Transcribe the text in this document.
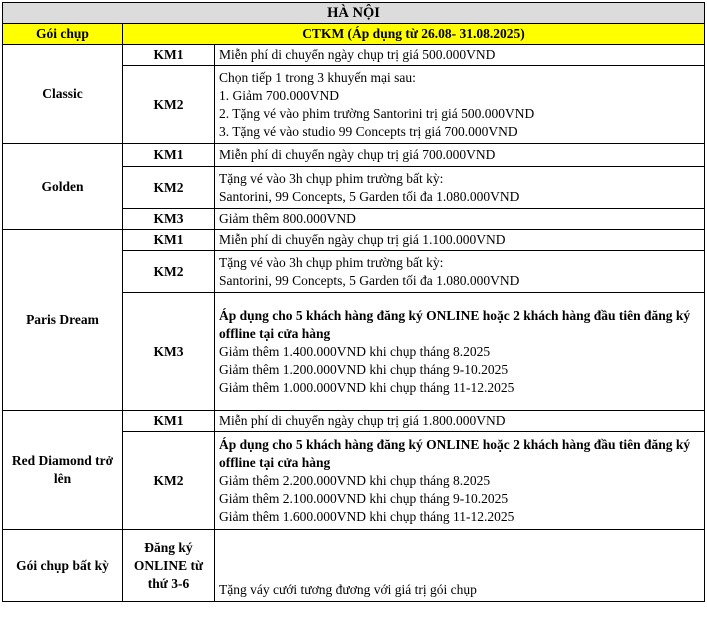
HÀ NỘI		
Gói chụp	CTKM (Áp dụng từ 26.08- 31.08.2025)	
Classic	KM1	Miễn phí di chuyển ngày chụp trị giá 500.000VND
	KM2	Chọn tiếp 1 trong 3 khuyến mại sau:
1. Giảm 700.000VND
2. Tặng vé vào phim trường Santorini trị giá 500.000VND
3. Tặng vé vào studio 99 Concepts trị giá 700.000VND

Golden	KM1	Miễn phí di chuyển ngày chụp trị giá 700.000VND
	KM2	Tặng vé vào 3h chụp phim trường bất kỳ:
Santorini, 99 Concepts, 5 Garden tối đa 1.080.000VND

	KM3	Giảm thêm 800.000VND
Paris Dream	KM1	Miễn phí di chuyển ngày chụp trị giá 1.100.000VND
	KM2	Tặng vé vào 3h chụp phim trường bất kỳ:
Santorini, 99 Concepts, 5 Garden tối đa 1.080.000VND

	KM3	Áp dụng cho 5 khách hàng đăng ký ONLINE hoặc 2 khách hàng đầu tiên đăng ký offline tại cửa hàng
Giảm thêm 1.400.000VND khi chụp tháng 8.2025
Giảm thêm 1.200.000VND khi chụp tháng 9-10.2025
Giảm thêm 1.000.000VND khi chụp tháng 11-12.2025

Red Diamond trở lên	KM1	Miễn phí di chuyển ngày chụp trị giá 1.800.000VND
	KM2	Áp dụng cho 5 khách hàng đăng ký ONLINE hoặc 2 khách hàng đầu tiên đăng ký offline tại cửa hàng
Giảm thêm 2.200.000VND khi chụp tháng 8.2025
Giảm thêm 2.100.000VND khi chụp tháng 9-10.2025
Giảm thêm 1.600.000VND khi chụp tháng 11-12.2025

Gói chụp bất kỳ	Đăng ký ONLINE từ thứ 3-6	Tặng váy cưới tương đương với giá trị gói chụp
